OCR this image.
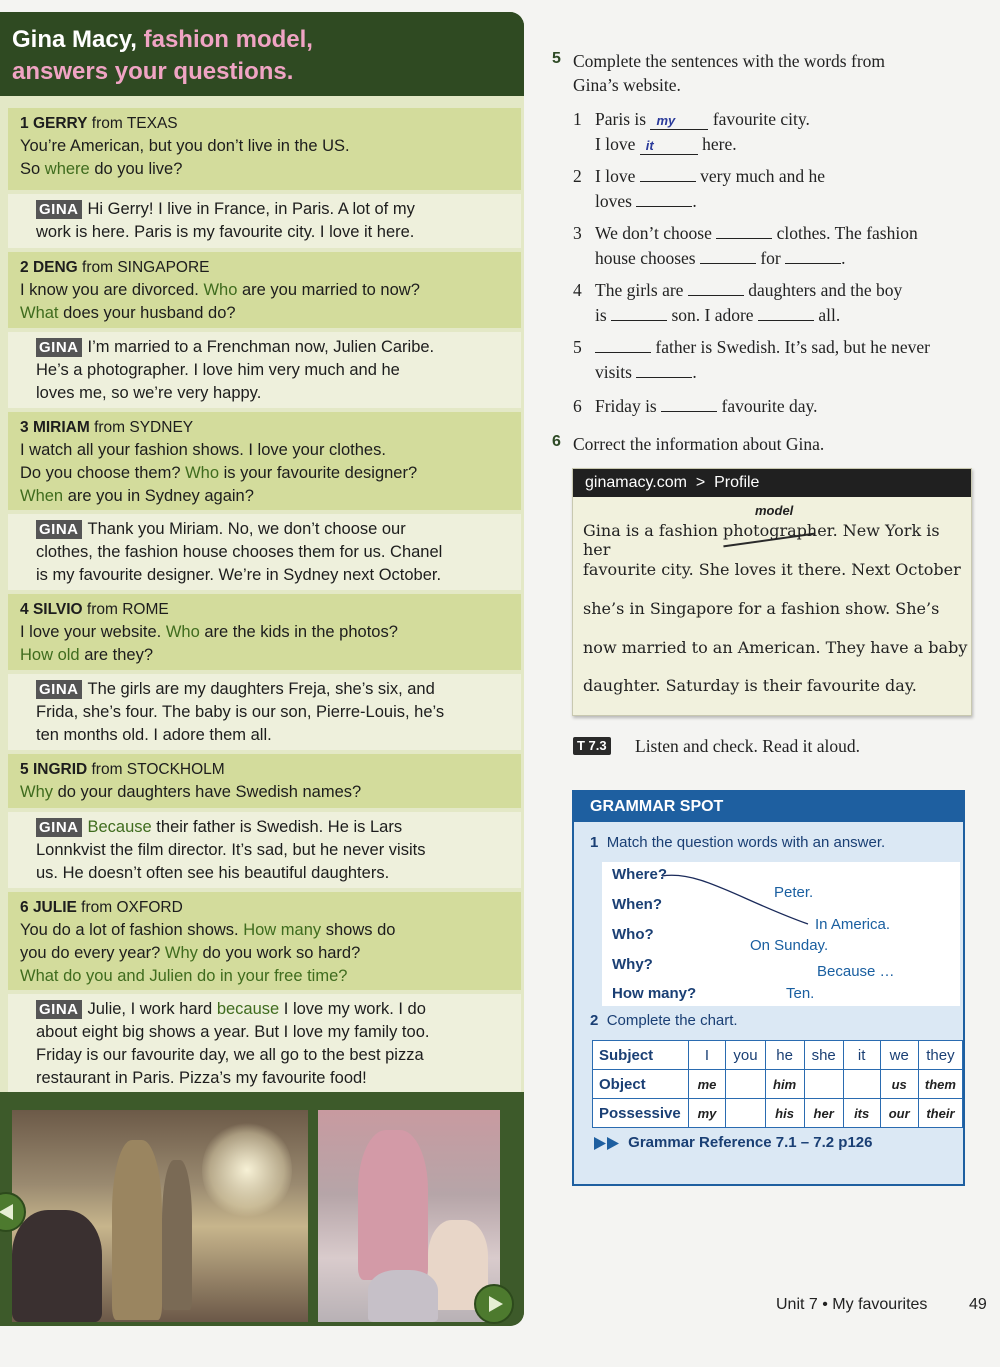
Gina Macy, fashion model,
answers your questions.
1 GERRY from TEXAS
You’re American, but you don’t live in the US.
So where do you live?
GINA Hi Gerry! I live in France, in Paris. A lot of my
work is here. Paris is my favourite city. I love it here.
2 DENG from SINGAPORE
I know you are divorced. Who are you married to now?
What does your husband do?
GINA I’m married to a Frenchman now, Julien Caribe.
He’s a photographer. I love him very much and he
loves me, so we’re very happy.
3 MIRIAM from SYDNEY
I watch all your fashion shows. I love your clothes.
Do you choose them? Who is your favourite designer?
When are you in Sydney again?
GINA Thank you Miriam. No, we don’t choose our
clothes, the fashion house chooses them for us. Chanel
is my favourite designer. We’re in Sydney next October.
4 SILVIO from ROME
I love your website. Who are the kids in the photos?
How old are they?
GINA The girls are my daughters Freja, she’s six, and
Frida, she’s four. The baby is our son, Pierre-Louis, he’s
ten months old. I adore them all.
5 INGRID from STOCKHOLM
Why do your daughters have Swedish names?
GINA Because their father is Swedish. He is Lars
Lonnkvist the film director. It’s sad, but he never visits
us. He doesn’t often see his beautiful daughters.
6 JULIE from OXFORD
You do a lot of fashion shows. How many shows do
you do every year? Why do you work so hard?
What do you and Julien do in your free time?
GINA Julie, I work hard because I love my work. I do
about eight big shows a year. But I love my family too.
Friday is our favourite day, we all go to the best pizza
restaurant in Paris. Pizza’s my favourite food!
5 Complete the sentences with the words from
Gina’s website.
1 Paris is my favourite city.
I love it	here.
2 I love	very much and he
loves	.
3 We don’t choose	clothes. The fashion
house chooses	for	.
4 The girls are	daughters and the boy
is	son. I adore	all.
5	father is Swedish. It’s sad, but he never
visits	.
6 Friday is	favourite day.
6 Correct the information about Gina.
ginamacy.com > Profile
model
Gina is a fashion photographer. New York is her
favourite city. She loves it there. Next October
she’s in Singapore for a fashion show. She’s
now married to an American. They have a baby
daughter. Saturday is their favourite day.
T 7.3 Listen and check. Read it aloud.
GRAMMAR SPOT
1 Match the question words with an answer.
Where?
When?
Who?
Why?
How many?
Peter.
In America.
On Sunday.
Because …
Ten.
2 Complete the chart.
Subject	I	you	he	she	it	we	they
Object	me		him			us	them
Possessive	my		his	her	its	our	their
Grammar Reference 7.1 – 7.2 p126
Unit 7 • My favourites	49
